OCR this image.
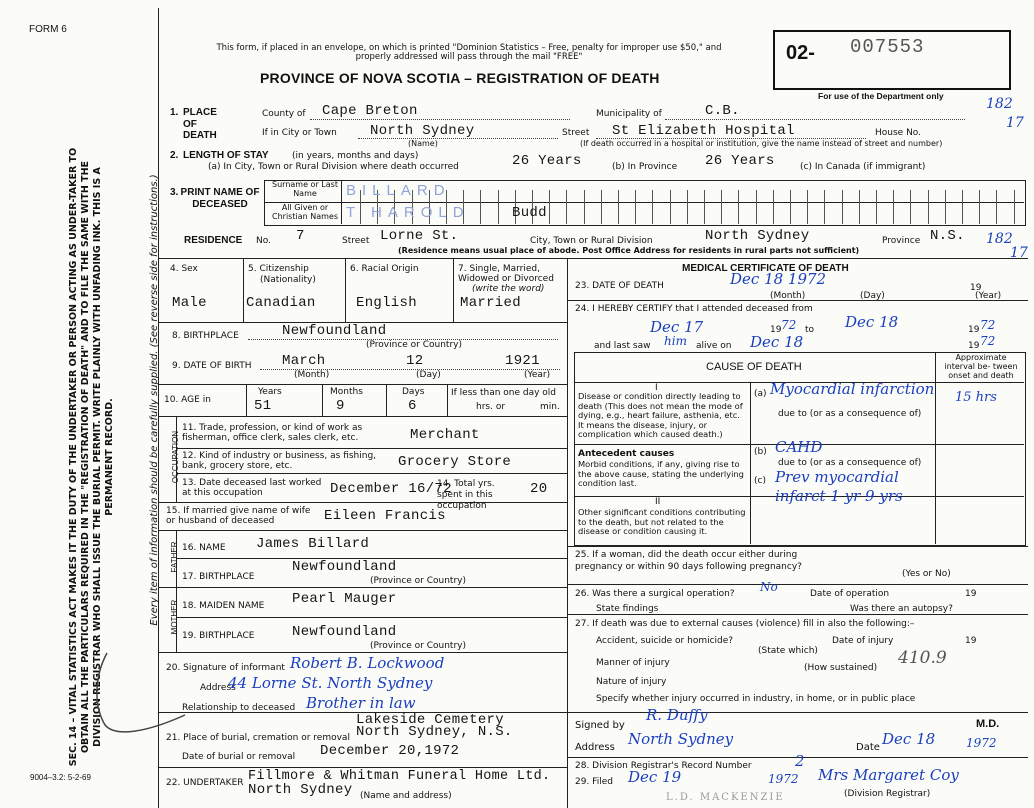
FORM 6
This form, if placed in an envelope, on which is printed "Dominion Statistics – Free, penalty for improper use $50," and properly addressed will pass through the mail "FREE"
PROVINCE OF NOVA SCOTIA – REGISTRATION OF DEATH
02- 007553
For use of the Department only	182
17
182
17
SEC. 14 – VITAL STATISTICS ACT MAKES IT THE DUTY OF THE UNDERTAKER OR PERSON ACTING AS UNDER-TAKER TO OBTAIN ALL THE PARTICULARS REQUIRED IN THE "REGISTRATION OF DEATH" AND TO FILE THE SAME WITH THE DIVISION REGISTRAR WHO SHALL ISSUE THE BURIAL PERMIT. WRITE PLAINLY WITH UNFADING INK. THIS IS A PERMANENT RECORD.	Every item of information should be carefully supplied. (See reverse side for instructions.)	OCCUPATION
FATHER
MOTHER
9004–3.2: 5-2-69
1. PLACE OF DEATH
County of Cape Breton	Municipality of	C.B.
If in City or Town North Sydney	Street St Elizabeth Hospital	House No.
(Name)	(If death occurred in a hospital or institution, give the name instead of street and number)
2. LENGTH OF STAY	(in years, months and days)
(a) In City, Town or Rural Division where death occurred	26 Years	(b) In Province 26 Years	(c) In Canada (if immigrant)
3. PRINT NAME OF DECEASED
Surname or Last Name	BILLARD
All Given or Christian Names T HAROLD	Budd
RESIDENCE No. 7	Street Lorne St.	City, Town or Rural Division	North Sydney	Province N.S.
(Residence means usual place of abode. Post Office Address for residents in rural parts not sufficient)
4. Sex
Male
5. Citizenship
(Nationality)
Canadian
6. Racial Origin
English
7. Single, Married, Widowed or Divorced
(write the word)
Married
8. BIRTHPLACE	Newfoundland
(Province or Country)
9. DATE OF BIRTH March	12	1921
(Month)	(Day)	(Year)
10. AGE in
Years
51
Months
9
Days
6
If less than one day old
hrs. or	min.
11. Trade, profession, or kind of work as fisherman, office clerk, sales clerk, etc.	Merchant
12. Kind of industry or business, as fishing, bank, grocery store, etc.	Grocery Store
13. Date deceased last worked at this occupation	December 16/72
14. Total yrs. spent in this occupation
20
15. If married give name of wife or husband of deceased	Eileen Francis
16. NAME James Billard
17. BIRTHPLACE
Newfoundland
(Province or Country)
18. MAIDEN NAME Pearl Mauger
19. BIRTHPLACE	Newfoundland
(Province or Country)
20. Signature of informant Robert B. Lockwood
Address
44 Lorne St. North Sydney
Relationship to deceased Brother in law
Lakeside Cemetery
21. Place of burial, cremation or removal North Sydney, N.S.
Date of burial or removal December 20,1972
22. UNDERTAKER Fillmore & Whitman Funeral Home Ltd.
North Sydney (Name and address)
MEDICAL CERTIFICATE OF DEATH
23. DATE OF DEATH	Dec 18 1972	19
(Month)	(Day)	(Year)
24. I HEREBY CERTIFY that I attended deceased from
Dec 17	19 72 to Dec 18	19 72
and last saw him alive on Dec 18	19 72
CAUSE OF DEATH
Approximate interval be- tween onset and death
I
Disease or condition directly leading to death (This does not mean the mode of dying, e.g., heart failure, asthenia, etc. It means the disease, injury, or complication which caused death.)
(a) Myocardial infarction 15 hrs
due to (or as a consequence of)
Antecedent causes
Morbid conditions, if any, giving rise to the above cause, stating the underlying condition last.
(b) CAHD
due to (or as a consequence of)
(c) Prev myocardial infarct 1 yr 9 yrs
II
Other significant conditions contributing to the death, but not related to the disease or condition causing it.
25. If a woman, did the death occur either during pregnancy or within 90 days following pregnancy?
(Yes or No)
26. Was there a surgical operation? No	Date of operation	19
State findings	Was there an autopsy?
27. If death was due to external causes (violence) fill in also the following:–
Accident, suicide or homicide?
(State which)
Date of injury	19
Manner of injury	(How sustained) 410.9
Nature of injury
Specify whether injury occurred in industry, in home, or in public place
Signed by
R. Duffy	M.D.
Address North Sydney	Date Dec 18	1972
28. Division Registrar's Record Number	2
29. Filed Dec 19	1972 Mrs Margaret Coy
(Division Registrar)
L.D. MACKENZIE
